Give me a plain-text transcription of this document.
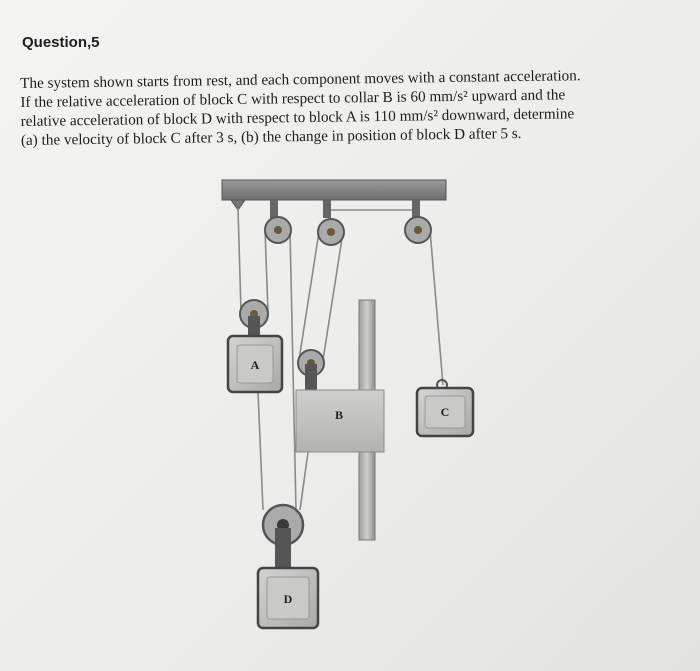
Question,5
The system shown starts from rest, and each component moves with a constant acceleration.
If the relative acceleration of block C with respect to collar B is 60 mm/s² upward and the
relative acceleration of block D with respect to block A is 110 mm/s² downward, determine
(a) the velocity of block C after 3 s, (b) the change in position of block D after 5 s.
A
B	C
D
